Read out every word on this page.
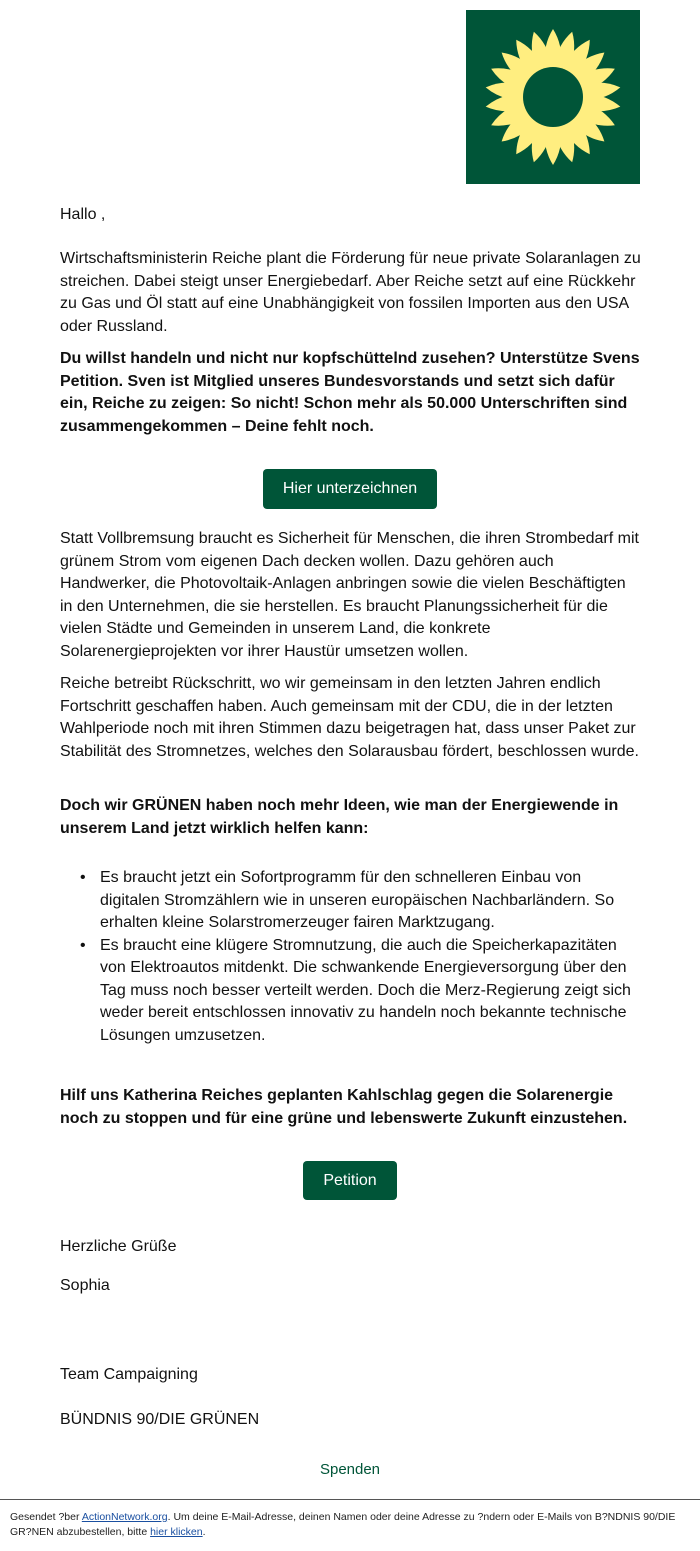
Hallo ,

Wirtschaftsministerin Reiche plant die Förderung für neue private Solaranlagen zu streichen. Dabei steigt unser Energiebedarf. Aber Reiche setzt auf eine Rückkehr zu Gas und Öl statt auf eine Unabhängigkeit von fossilen Importen aus den USA oder Russland.

Du willst handeln und nicht nur kopfschüttelnd zusehen? Unterstütze Svens Petition. Sven ist Mitglied unseres Bundesvorstands und setzt sich dafür ein, Reiche zu zeigen: So nicht! Schon mehr als 50.000 Unterschriften sind zusammengekommen – Deine fehlt noch.

Hier unterzeichnen

Statt Vollbremsung braucht es Sicherheit für Menschen, die ihren Strombedarf mit grünem Strom vom eigenen Dach decken wollen. Dazu gehören auch Handwerker, die Photovoltaik-Anlagen anbringen sowie die vielen Beschäftigten in den Unternehmen, die sie herstellen. Es braucht Planungssicherheit für die vielen Städte und Gemeinden in unserem Land, die konkrete Solarenergieprojekten vor ihrer Haustür umsetzen wollen.

Reiche betreibt Rückschritt, wo wir gemeinsam in den letzten Jahren endlich Fortschritt geschaffen haben. Auch gemeinsam mit der CDU, die in der letzten Wahlperiode noch mit ihren Stimmen dazu beigetragen hat, dass unser Paket zur Stabilität des Stromnetzes, welches den Solarausbau fördert, beschlossen wurde.

Doch wir GRÜNEN haben noch mehr Ideen, wie man der Energiewende in unserem Land jetzt wirklich helfen kann:

• Es braucht jetzt ein Sofortprogramm für den schnelleren Einbau von digitalen Stromzählern wie in unseren europäischen Nachbarländern. So erhalten kleine Solarstromerzeuger fairen Marktzugang.
• Es braucht eine klügere Stromnutzung, die auch die Speicherkapazitäten von Elektroautos mitdenkt. Die schwankende Energieversorgung über den Tag muss noch besser verteilt werden. Doch die Merz-Regierung zeigt sich weder bereit entschlossen innovativ zu handeln noch bekannte technische Lösungen umzusetzen.

Hilf uns Katherina Reiches geplanten Kahlschlag gegen die Solarenergie noch zu stoppen und für eine grüne und lebenswerte Zukunft einzustehen.

Petition

Herzliche Grüße

Sophia

Team Campaigning

BÜNDNIS 90/DIE GRÜNEN

Spenden

Gesendet ?ber ActionNetwork.org. Um deine E-Mail-Adresse, deinen Namen oder deine Adresse zu ?ndern oder E-Mails von B?NDNIS 90/DIE GR?NEN abzubestellen, bitte hier klicken.
